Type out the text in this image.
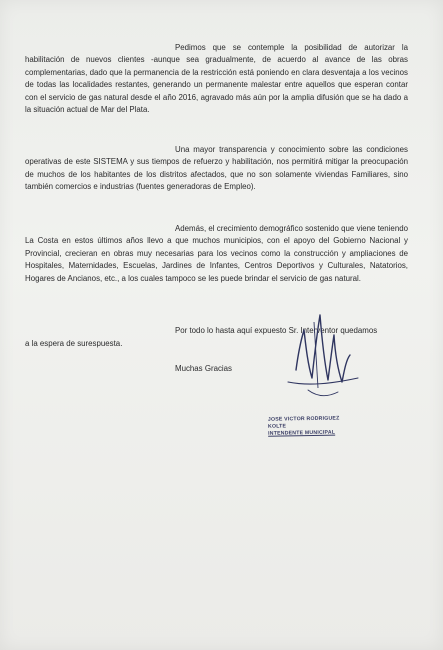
Pedimos que se contemple la posibilidad de autorizar la habilitación de nuevos clientes -aunque sea gradualmente, de acuerdo al avance de las obras complementarias, dado que la permanencia de la restricción está poniendo en clara desventaja a los vecinos de todas las localidades restantes, generando un permanente malestar entre aquellos que esperan contar con el servicio de gas natural desde el año 2016, agravado más aún por la amplia difusión que se ha dado a la situación actual de Mar del Plata.

Una mayor transparencia y conocimiento sobre las condiciones operativas de este SISTEMA y sus tiempos de refuerzo y habilitación, nos permitirá mitigar la preocupación de muchos de los habitantes de los distritos afectados, que no son solamente viviendas Familiares, sino también comercios e industrias (fuentes generadoras de Empleo).

Además, el crecimiento demográfico sostenido que viene teniendo La Costa en estos últimos años llevo a que muchos municipios, con el apoyo del Gobierno Nacional y Provincial, crecieran en obras muy necesarias para los vecinos como la construcción y ampliaciones de Hospitales, Maternidades, Escuelas, Jardines de Infantes, Centros Deportivos y Culturales, Natatorios, Hogares de Ancianos, etc., a los cuales tampoco se les puede brindar el servicio de gas natural.

Por todo lo hasta aquí expuesto Sr. Interventor quedamos

a la espera de surespuesta.

Muchas Gracias

JOSE VICTOR RODRIGUEZ KOLTE
INTENDENTE MUNICIPAL
